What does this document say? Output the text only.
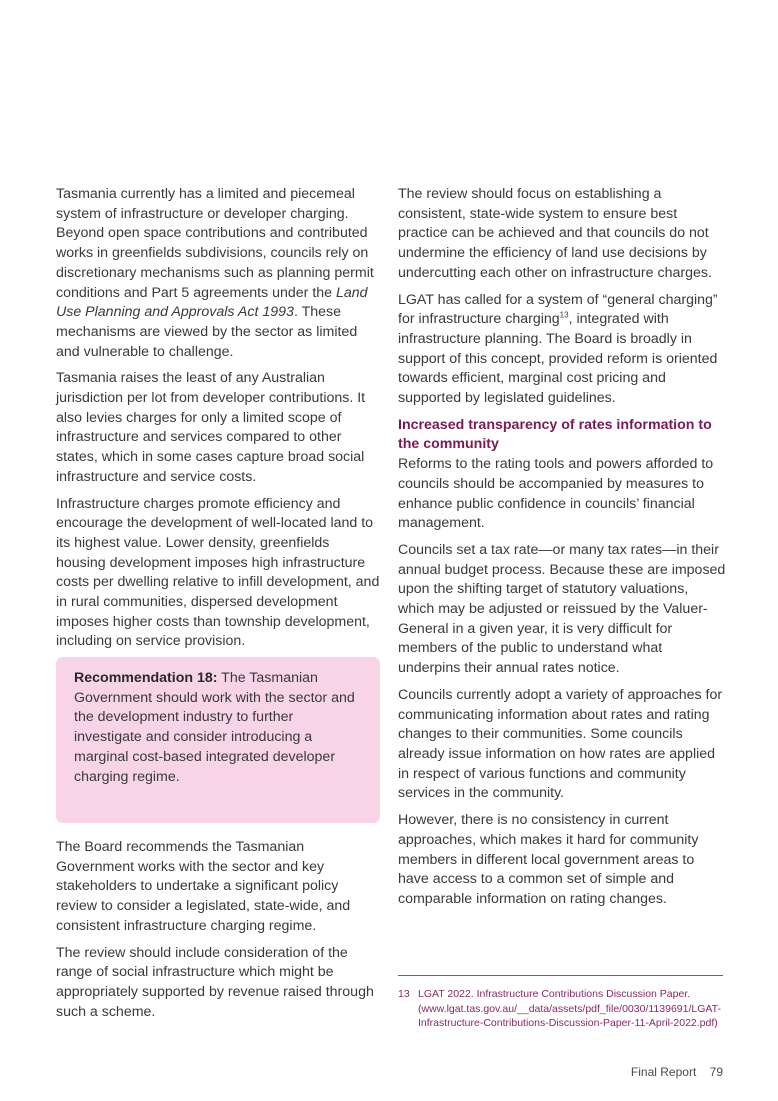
Tasmania currently has a limited and piecemeal system of infrastructure or developer charging. Beyond open space contributions and contributed works in greenfields subdivisions, councils rely on discretionary mechanisms such as planning permit conditions and Part 5 agreements under the Land Use Planning and Approvals Act 1993. These mechanisms are viewed by the sector as limited and vulnerable to challenge.

Tasmania raises the least of any Australian jurisdiction per lot from developer contributions. It also levies charges for only a limited scope of infrastructure and services compared to other states, which in some cases capture broad social infrastructure and service costs.

Infrastructure charges promote efficiency and encourage the development of well-located land to its highest value. Lower density, greenfields housing development imposes high infrastructure costs per dwelling relative to infill development, and in rural communities, dispersed development imposes higher costs than township development, including on service provision.

Recommendation 18: The Tasmanian Government should work with the sector and the development industry to further investigate and consider introducing a marginal cost-based integrated developer charging regime.

The Board recommends the Tasmanian Government works with the sector and key stakeholders to undertake a significant policy review to consider a legislated, state-wide, and consistent infrastructure charging regime.

The review should include consideration of the range of social infrastructure which might be appropriately supported by revenue raised through such a scheme.

The review should focus on establishing a consistent, state-wide system to ensure best practice can be achieved and that councils do not undermine the efficiency of land use decisions by undercutting each other on infrastructure charges.

LGAT has called for a system of “general charging” for infrastructure charging$^{13}$, integrated with infrastructure planning. The Board is broadly in support of this concept, provided reform is oriented towards efficient, marginal cost pricing and supported by legislated guidelines.

Increased transparency of rates information to the community

Reforms to the rating tools and powers afforded to councils should be accompanied by measures to enhance public confidence in councils’ financial management.

Councils set a tax rate—or many tax rates—in their annual budget process. Because these are imposed upon the shifting target of statutory valuations, which may be adjusted or reissued by the Valuer-General in a given year, it is very difficult for members of the public to understand what underpins their annual rates notice.

Councils currently adopt a variety of approaches for communicating information about rates and rating changes to their communities. Some councils already issue information on how rates are applied in respect of various functions and community services in the community.

However, there is no consistency in current approaches, which makes it hard for community members in different local government areas to have access to a common set of simple and comparable information on rating changes.

13 LGAT 2022. Infrastructure Contributions Discussion Paper. (www.lgat.tas.gov.au/__data/assets/pdf_file/0030/1139691/LGAT-Infrastructure-Contributions-Discussion-Paper-11-April-2022.pdf)
Final Report 79
